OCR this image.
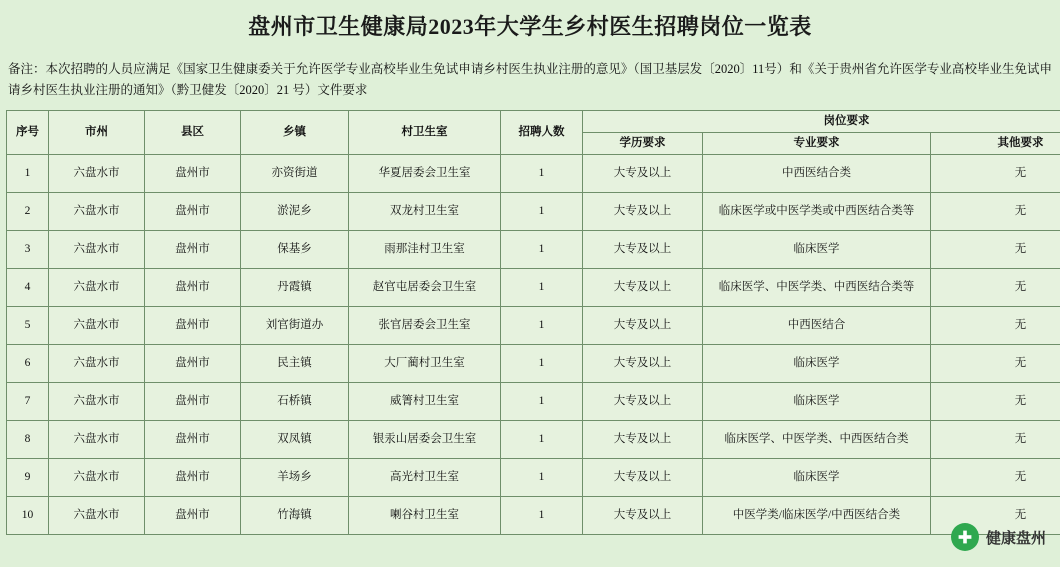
盘州市卫生健康局2023年大学生乡村医生招聘岗位一览表
备注：本次招聘的人员应满足《国家卫生健康委关于允许医学专业高校毕业生免试申请乡村医生执业注册的意见》（国卫基层发〔2020〕11号）和《关于贵州省允许医学专业高校毕业生免试申请乡村医生执业注册的通知》（黔卫健发〔2020〕21 号）文件要求
序号	市州	县区	乡镇	村卫生室	招聘人数	岗位要求		
						学历要求	专业要求	其他要求
1	六盘水市	盘州市	亦资街道	华夏居委会卫生室	1	大专及以上	中西医结合类	无
2	六盘水市	盘州市	淤泥乡	双龙村卫生室	1	大专及以上	临床医学或中医学类或中西医结合类等	无
3	六盘水市	盘州市	保基乡	雨那洼村卫生室	1	大专及以上	临床医学	无
4	六盘水市	盘州市	丹霞镇	赵官屯居委会卫生室	1	大专及以上	临床医学、中医学类、中西医结合类等	无
5	六盘水市	盘州市	刘官街道办	张官居委会卫生室	1	大专及以上	中西医结合	无
6	六盘水市	盘州市	民主镇	大厂蔺村卫生室	1	大专及以上	临床医学	无
7	六盘水市	盘州市	石桥镇	威箐村卫生室	1	大专及以上	临床医学	无
8	六盘水市	盘州市	双凤镇	银汞山居委会卫生室	1	大专及以上	临床医学、中医学类、中西医结合类	无
9	六盘水市	盘州市	羊场乡	高光村卫生室	1	大专及以上	临床医学	无
10	六盘水市	盘州市	竹海镇	喇谷村卫生室	1	大专及以上	中医学类/临床医学/中西医结合类	无
健康盘州
